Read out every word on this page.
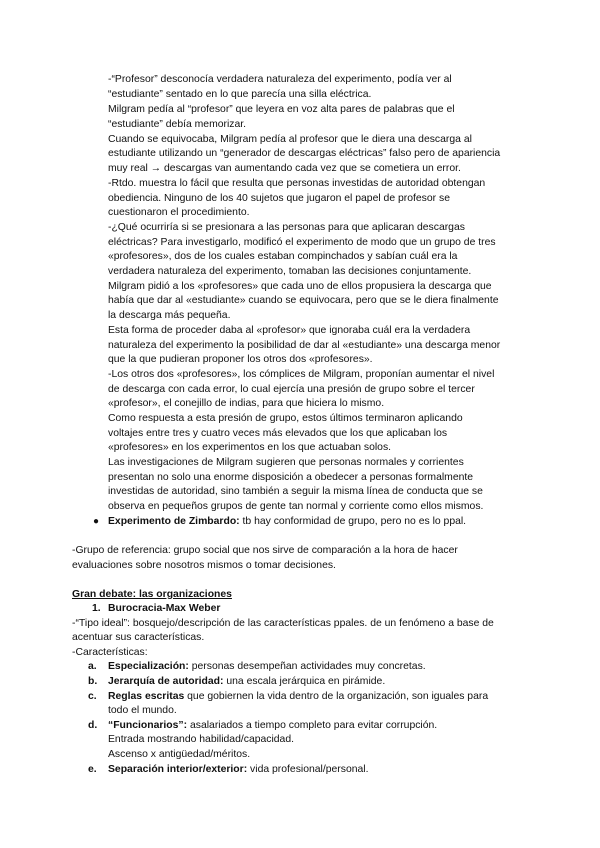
-“Profesor” desconocía verdadera naturaleza del experimento, podía ver al
“estudiante” sentado en lo que parecía una silla eléctrica.
Milgram pedía al “profesor” que leyera en voz alta pares de palabras que el
“estudiante” debía memorizar.
Cuando se equivocaba, Milgram pedía al profesor que le diera una descarga al
estudiante utilizando un “generador de descargas eléctricas” falso pero de apariencia
muy real → descargas van aumentando cada vez que se cometiera un error.
-Rtdo. muestra lo fácil que resulta que personas investidas de autoridad obtengan
obediencia. Ninguno de los 40 sujetos que jugaron el papel de profesor se
cuestionaron el procedimiento.
-¿Qué ocurriría si se presionara a las personas para que aplicaran descargas
eléctricas? Para investigarlo, modificó el experimento de modo que un grupo de tres
«profesores», dos de los cuales estaban compinchados y sabían cuál era la
verdadera naturaleza del experimento, tomaban las decisiones conjuntamente.
Milgram pidió a los «profesores» que cada uno de ellos propusiera la descarga que
había que dar al «estudiante» cuando se equivocara, pero que se le diera finalmente
la descarga más pequeña.
Esta forma de proceder daba al «profesor» que ignoraba cuál era la verdadera
naturaleza del experimento la posibilidad de dar al «estudiante» una descarga menor
que la que pudieran proponer los otros dos «profesores».
-Los otros dos «profesores», los cómplices de Milgram, proponían aumentar el nivel
de descarga con cada error, lo cual ejercía una presión de grupo sobre el tercer
«profesor», el conejillo de indias, para que hiciera lo mismo.
Como respuesta a esta presión de grupo, estos últimos terminaron aplicando
voltajes entre tres y cuatro veces más elevados que los que aplicaban los
«profesores» en los experimentos en los que actuaban solos.
Las investigaciones de Milgram sugieren que personas normales y corrientes
presentan no solo una enorme disposición a obedecer a personas formalmente
investidas de autoridad, sino también a seguir la misma línea de conducta que se
observa en pequeños grupos de gente tan normal y corriente como ellos mismos.
● Experimento de Zimbardo: tb hay conformidad de grupo, pero no es lo ppal.
-Grupo de referencia: grupo social que nos sirve de comparación a la hora de hacer
evaluaciones sobre nosotros mismos o tomar decisiones.
Gran debate: las organizaciones
1. Burocracia-Max Weber
-“Tipo ideal”: bosquejo/descripción de las características ppales. de un fenómeno a base de
acentuar sus características.
-Características:
a. Especialización: personas desempeñan actividades muy concretas.
b. Jerarquía de autoridad: una escala jerárquica en pirámide.
c. Reglas escritas que gobiernen la vida dentro de la organización, son iguales para
todo el mundo.
d. “Funcionarios”: asalariados a tiempo completo para evitar corrupción.
Entrada mostrando habilidad/capacidad.
Ascenso x antigüedad/méritos.
e. Separación interior/exterior: vida profesional/personal.
